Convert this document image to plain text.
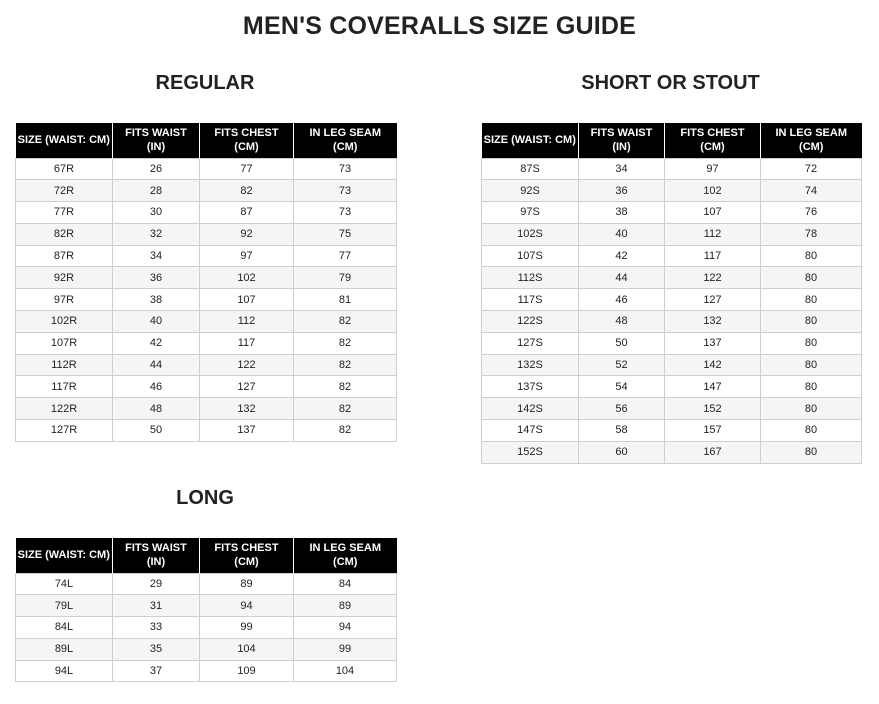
MEN'S COVERALLS SIZE GUIDE
REGULAR	SHORT OR STOUT
LONG
SIZE (WAIST: CM)	FITS WAIST (IN)	FITS CHEST (CM)	IN LEG SEAM (CM)
67R	26	77	73
72R	28	82	73
77R	30	87	73
82R	32	92	75
87R	34	97	77
92R	36	102	79
97R	38	107	81
102R	40	112	82
107R	42	117	82
112R	44	122	82
117R	46	127	82
122R	48	132	82
127R	50	137	82
SIZE (WAIST: CM)	FITS WAIST (IN)	FITS CHEST (CM)	IN LEG SEAM (CM)
87S	34	97	72
92S	36	102	74
97S	38	107	76
102S	40	112	78
107S	42	117	80
112S	44	122	80
117S	46	127	80
122S	48	132	80
127S	50	137	80
132S	52	142	80
137S	54	147	80
142S	56	152	80
147S	58	157	80
152S	60	167	80
SIZE (WAIST: CM)	FITS WAIST (IN)	FITS CHEST (CM)	IN LEG SEAM (CM)
74L	29	89	84
79L	31	94	89
84L	33	99	94
89L	35	104	99
94L	37	109	104
